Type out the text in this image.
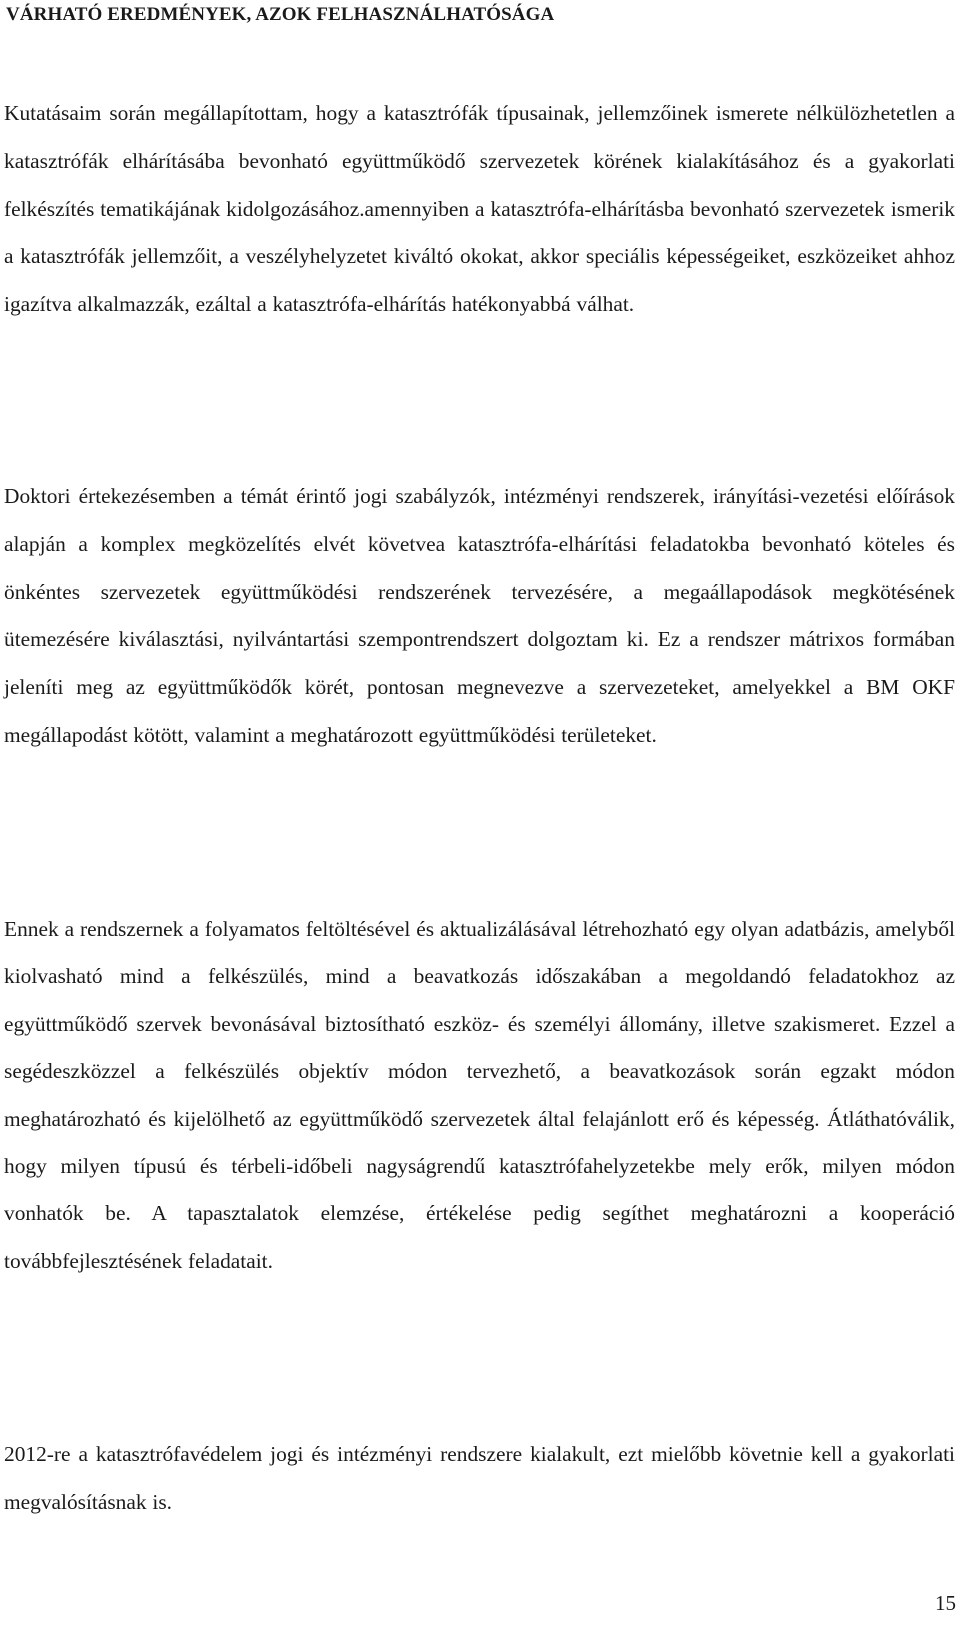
VÁRHATÓ EREDMÉNYEK, AZOK FELHASZNÁLHATÓSÁGA

Kutatásaim során megállapítottam, hogy a katasztrófák típusainak, jellemzőinek ismerete nélkülözhetetlen a katasztrófák elhárításába bevonható együttműködő szervezetek körének kialakításához és a gyakorlati felkészítés tematikájának kidolgozásához.amennyiben a katasztrófa-elhárításba bevonható szervezetek ismerik a katasztrófák jellemzőit, a veszélyhelyzetet kiváltó okokat, akkor speciális képességeiket, eszközeiket ahhoz igazítva alkalmazzák, ezáltal a katasztrófa-elhárítás hatékonyabbá válhat.

Doktori értekezésemben a témát érintő jogi szabályzók, intézményi rendszerek, irányítási-vezetési előírások alapján a komplex megközelítés elvét követvea katasztrófa-elhárítási feladatokba bevonható köteles és önkéntes szervezetek együttműködési rendszerének tervezésére, a megaállapodások megkötésének ütemezésére kiválasztási, nyilvántartási szempontrendszert dolgoztam ki. Ez a rendszer mátrixos formában jeleníti meg az együttműködők körét, pontosan megnevezve a szervezeteket, amelyekkel a BM OKF megállapodást kötött, valamint a meghatározott együttműködési területeket.

Ennek a rendszernek a folyamatos feltöltésével és aktualizálásával létrehozható egy olyan adatbázis, amelyből kiolvasható mind a felkészülés, mind a beavatkozás időszakában a megoldandó feladatokhoz az együttműködő szervek bevonásával biztosítható eszköz- és személyi állomány, illetve szakismeret. Ezzel a segédeszközzel a felkészülés objektív módon tervezhető, a beavatkozások során egzakt módon meghatározható és kijelölhető az együttműködő szervezetek által felajánlott erő és képesség. Átláthatóválik, hogy milyen típusú és térbeli-időbeli nagyságrendű katasztrófahelyzetekbe mely erők, milyen módon vonhatók be. A tapasztalatok elemzése, értékelése pedig segíthet meghatározni a kooperáció továbbfejlesztésének feladatait.

2012-re a katasztrófavédelem jogi és intézményi rendszere kialakult, ezt mielőbb követnie kell a gyakorlati megvalósításnak is.

15
